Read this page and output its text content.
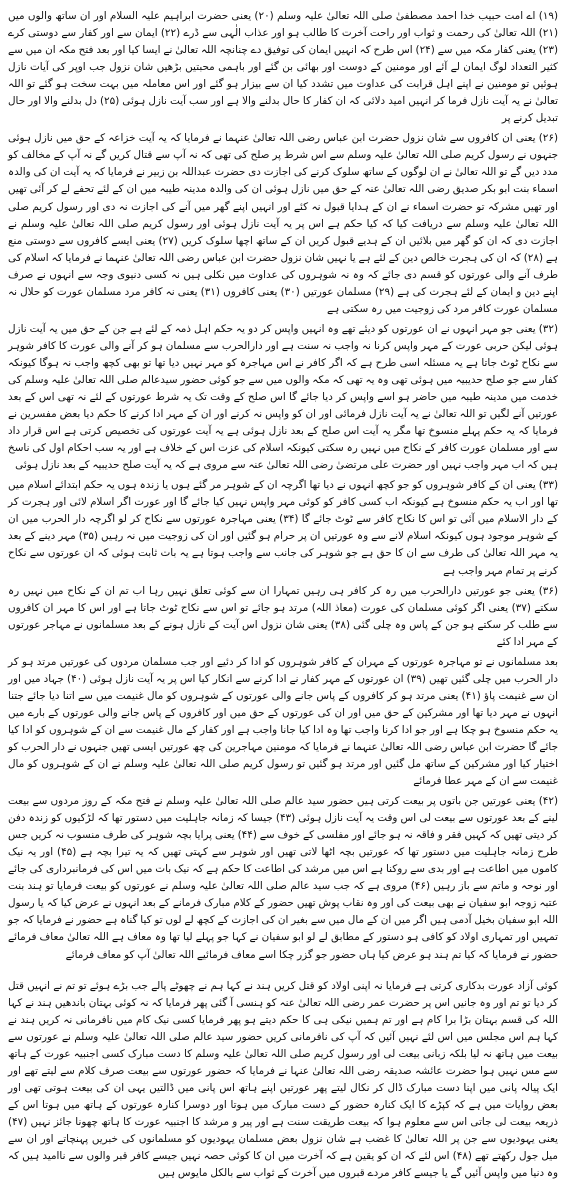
(۱۹) اے امت حبیب خدا احمد مصطفیٰ صلی اللہ تعالیٰ علیہ وسلم (۲۰) یعنی حضرت ابراہیم علیہ السلام اور ان ساتھ والوں میں (۲۱) اللہ تعالیٰ کی رحمت و ثواب اور راحت آخرت کا طالب ہو اور عذاب الٰہی سے ڈرے (۲۲) ایمان سے اور کفار سے دوستی کرے (۲۳) یعنی کفار مکہ میں سے (۲۴) اس طرح کہ انہیں ایمان کی توفیق دے چنانچہ اللہ تعالیٰ نے ایسا کیا اور بعد فتح مکہ ان میں سے کثیر التعداد لوگ ایمان لے آئے اور مومنین کے دوست اور بھائی بن گئے اور باہمی محبتیں بڑھیں شان نزول جب اوپر کی آیات نازل ہوئیں تو مومنین نے اپنے اہل قرابت کی عداوت میں تشدد کیا ان سے بیزار ہو گئے اور اس معاملہ میں بہت سخت ہو گئے تو اللہ تعالیٰ نے یہ آیت نازل فرما کر انہیں امید دلائی کہ ان کفار کا حال بدلنے والا ہے اور سب آیت نازل ہوئی (۲۵) دل بدلنے والا اور حال تبدیل کرنے پر

(۲۶) یعنی ان کافروں سے شان نزول حضرت ابن عباس رضی اللہ تعالیٰ عنہما نے فرمایا کہ یہ آیت خزاعہ کے حق میں نازل ہوئی جنہوں نے رسول کریم صلی اللہ تعالیٰ علیہ وسلم سے اس شرط پر صلح کی تھی کہ نہ آپ سے قتال کریں گے نہ آپ کے مخالف کو مدد دیں گے تو اللہ تعالیٰ نے ان لوگوں کے ساتھ سلوک کرنے کی اجازت دی حضرت عبداللہ بن زبیر نے فرمایا کہ یہ آیت ان کی والدہ اسماء بنت ابو بکر صدیق رضی اللہ تعالیٰ عنہ کے حق میں نازل ہوئی ان کی والدہ مدینہ طیبہ میں ان کے لئے تحفے لے کر آئی تھیں اور تھیں مشرکہ تو حضرت اسماء نے ان کے ہدایا قبول نہ کئے اور انہیں اپنے گھر میں آنے کی اجازت نہ دی اور رسول کریم صلی اللہ تعالیٰ علیہ وسلم سے دریافت کیا کہ کیا حکم ہے اس پر یہ آیت نازل ہوئی اور رسول کریم صلی اللہ تعالیٰ علیہ وسلم نے اجازت دی کہ ان کو گھر میں بلائیں ان کے ہدیے قبول کریں ان کے ساتھ اچھا سلوک کریں (۲۷) یعنی ایسے کافروں سے دوستی منع ہے (۲۸) کہ ان کی ہجرت خالص دین کے لئے ہے یا نہیں شان نزول حضرت ابن عباس رضی اللہ تعالیٰ عنہما نے فرمایا کہ اسلام کی طرف آنے والی عورتوں کو قسم دی جائے کہ وہ نہ شوہروں کی عداوت میں نکلی ہیں نہ کسی دنیوی وجہ سے انہوں نے صرف اپنے دین و ایمان کے لئے ہجرت کی ہے (۲۹) مسلمان عورتیں (۳۰) یعنی کافروں (۳۱) یعنی نہ کافر مرد مسلمان عورت کو حلال نہ مسلمان عورت کافر مرد کی زوجیت میں رہ سکتی ہے

(۳۲) یعنی جو مہر انہوں نے ان عورتوں کو دیئے تھے وہ انہیں واپس کر دو یہ حکم اہل ذمہ کے لئے ہے جن کے حق میں یہ آیت نازل ہوئی لیکن حربی عورت کے مہر واپس کرنا نہ واجب نہ سنت ہے اور دارالحرب سے مسلمان ہو کر آنے والی عورت کا کافر شوہر سے نکاح ٹوٹ جاتا ہے یہ مسئلہ اسی طرح ہے کہ اگر کافر نے اس مہاجرہ کو مہر نہیں دیا تھا تو بھی کچھ واجب نہ ہوگا کیونکہ کفار سے جو صلح حدیبیہ میں ہوئی تھی وہ یہ تھی کہ مکہ والوں میں سے جو کوئی حضور سیدعالم صلی اللہ تعالیٰ علیہ وسلم کی خدمت میں مدینہ طیبہ میں حاضر ہو اسے واپس کر دیا جائے گا اس صلح کے وقت تک یہ شرط عورتوں کے لئے نہ تھی اس کے بعد عورتیں آنے لگیں تو اللہ تعالیٰ نے یہ آیت نازل فرمائی اور ان کو واپس نہ کرنے اور ان کے مہر ادا کرنے کا حکم دیا بعض مفسرین نے فرمایا کہ یہ حکم پہلے منسوخ تھا مگر یہ آیت اس صلح کے بعد نازل ہوئی ہے یہ آیت عورتوں کی تخصیص کرتی ہے اس قرار داد سے اور مسلمان عورت کافر کے نکاح میں نہیں رہ سکتی کیونکہ اسلام کی عزت اس کے خلاف ہے اور یہ سب احکام اول کی ناسخ ہیں کہ اب مہر واجب نہیں اور حضرت علی مرتضیٰ رضی اللہ تعالیٰ عنہ سے مروی ہے کہ یہ آیت صلح حدیبیہ کے بعد نازل ہوئی

(۳۳) یعنی ان کے کافر شوہروں کو جو کچھ انہوں نے دیا تھا اگرچہ ان کے شوہر مر گئے ہوں یا زندہ ہوں یہ حکم ابتدائے اسلام میں تھا اور اب یہ حکم منسوخ ہے کیونکہ اب کسی کافر کو کوئی مہر واپس نہیں کیا جائے گا اور عورت اگر اسلام لائی اور ہجرت کر کے دار الاسلام میں آئی تو اس کا نکاح کافر سے ٹوٹ جائے گا (۳۴) یعنی مہاجرہ عورتوں سے نکاح کر لو اگرچہ دار الحرب میں ان کے شوہر موجود ہوں کیونکہ اسلام لانے سے وہ عورتیں ان پر حرام ہو گئیں اور ان کی زوجیت میں نہ رہیں (۳۵) مہر دینے کے بعد یہ مہر اللہ تعالیٰ کی طرف سے ان کا حق ہے جو شوہر کی جانب سے واجب ہوتا ہے یہ بات ثابت ہوئی کہ ان عورتوں سے نکاح کرنے پر تمام مہر واجب ہے

(۳۶) یعنی جو عورتیں دارالحرب میں رہ کر کافر ہی رہیں تمہارا ان سے کوئی تعلق نہیں رہا اب تم ان کے نکاح میں نہیں رہ سکتے (۳۷) یعنی اگر کوئی مسلمان کی عورت (معاذ اللہ) مرتد ہو جائے تو اس سے نکاح ٹوٹ جاتا ہے اور اس کا مہر ان کافروں سے طلب کر سکتے ہو جن کے پاس وہ چلی گئی (۳۸) یعنی شان نزول اس آیت کے نازل ہونے کے بعد مسلمانوں نے مہاجر عورتوں کے مہر ادا کئے

بعد مسلمانوں نے تو مہاجرہ عورتوں کے مہران کے کافر شوہروں کو ادا کر دئیے اور جب مسلمان مردوں کی عورتیں مرتد ہو کر دار الحرب میں چلی گئیں تھیں (۳۹) ان عورتوں کے مہر کفار نے ادا کرنے سے انکار کیا اس پر یہ آیت نازل ہوئی (۴۰) جہاد میں اور ان سے غنیمت پاؤ (۴۱) یعنی مرتد ہو کر کافروں کے پاس جانے والی عورتوں کے شوہروں کو مال غنیمت میں سے اتنا دیا جائے جتنا انہوں نے مہر دیا تھا اور مشرکین کے حق میں اور ان کی عورتوں کے حق میں اور کافروں کے پاس جانے والی عورتوں کے بارے میں یہ حکم منسوخ ہو چکا ہے اور جو ادا کرنا واجب تھا وہ ادا کیا جانا واجب ہے اور کفار کے مال غنیمت سے ان کے شوہروں کو ادا کیا جائے گا حضرت ابن عباس رضی اللہ تعالیٰ عنہما نے فرمایا کہ مومنین مہاجرین کی چھ عورتیں ایسی تھیں جنہوں نے دار الحرب کو اختیار کیا اور مشرکین کے ساتھ مل گئیں اور مرتد ہو گئیں تو رسول کریم صلی اللہ تعالیٰ علیہ وسلم نے ان کے شوہروں کو مال غنیمت سے ان کے مہر عطا فرمائے

(۴۲) یعنی عورتیں جن باتوں پر بیعت کرتی ہیں حضور سید عالم صلی اللہ تعالیٰ علیہ وسلم نے فتح مکہ کے روز مردوں سے بیعت لینے کے بعد عورتوں سے بیعت لی اس وقت یہ آیت نازل ہوئی (۴۳) جیسا کہ زمانہ جاہلیت میں دستور تھا کہ لڑکیوں کو زندہ دفن کر دیتی تھیں کہ کہیں فقر و فاقہ نہ ہو جائے اور مفلسی کے خوف سے (۴۴) یعنی پرایا بچہ شوہر کی طرف منسوب نہ کریں جس طرح زمانہ جاہلیت میں دستور تھا کہ عورتیں بچہ اٹھا لاتی تھیں اور شوہر سے کہتی تھیں کہ یہ تیرا بچہ ہے (۴۵) اور یہ نیک کاموں میں اطاعت ہے اور بدی سے روکنا ہے اس میں مرشد کی اطاعت کا حکم ہے کہ نیک بات میں اس کی فرمانبرداری کی جائے اور نوحہ و ماتم سے باز رہیں (۴۶) مروی ہے کہ جب سید عالم صلی اللہ تعالیٰ علیہ وسلم نے عورتوں کو بیعت فرمایا تو ہند بنت عتبہ زوجہ ابو سفیان نے بھی بیعت کی اور وہ نقاب پوش تھیں حضور کے کلام مبارک فرمانے کے بعد انہوں نے عرض کیا کہ یا رسول اللہ ابو سفیان بخیل آدمی ہیں اگر میں ان کے مال میں سے بغیر ان کی اجازت کے کچھ لے لوں تو کیا گناہ ہے حضور نے فرمایا کہ جو تمہیں اور تمہاری اولاد کو کافی ہو دستور کے مطابق لے لو ابو سفیان نے کہا جو پہلے لیا تھا وہ معاف ہے اللہ تعالیٰ معاف فرمائے حضور نے فرمایا کہ کیا تم ہند ہو عرض کیا ہاں حضور جو گزر چکا اسے معاف فرمائیے اللہ تعالیٰ آپ کو معاف فرمائے

کوئی آزاد عورت بدکاری کرتی ہے فرمایا نہ اپنی اولاد کو قتل کریں ہند نے کہا ہم نے چھوٹے پالے جب بڑے ہوئے تو تم نے انہیں قتل کر دیا تو تم اور وہ جانیں اس پر حضرت عمر رضی اللہ تعالیٰ عنہ کو ہنسی آ گئی پھر فرمایا کہ نہ کوئی بہتان باندھیں ہند نے کہا اللہ کی قسم بہتان بڑا برا کام ہے اور تم ہمیں نیکی ہی کا حکم دیتے ہو پھر فرمایا کسی نیک کام میں نافرمانی نہ کریں ہند نے کہا ہم اس مجلس میں اس لئے نہیں آئیں کہ آپ کی نافرمانی کریں حضور سید عالم صلی اللہ تعالیٰ علیہ وسلم نے عورتوں سے بیعت میں ہاتھ نہ لیا بلکہ زبانی بیعت لی اور رسول کریم صلی اللہ تعالیٰ علیہ وسلم کا دست مبارک کسی اجنبیہ عورت کے ہاتھ سے مس نہیں ہوا حضرت عائشہ صدیقہ رضی اللہ تعالیٰ عنہا نے فرمایا کہ حضور عورتوں سے بیعت صرف کلام سے لیتے تھے اور ایک پیالہ پانی میں اپنا دست مبارک ڈال کر نکال لیتے پھر عورتیں اپنے ہاتھ اس پانی میں ڈالتیں یہی ان کی بیعت ہوتی تھی اور بعض روایات میں ہے کہ کپڑے کا ایک کنارہ حضور کے دست مبارک میں ہوتا اور دوسرا کنارہ عورتوں کے ہاتھ میں ہوتا اس کے ذریعہ بیعت لی جاتی اس سے معلوم ہوا کہ بیعت طریقت سنت ہے اور پیر و مرشد کا اجنبیہ عورت کا ہاتھ چھونا جائز نہیں (۴۷) یعنی یہودیوں سے جن پر اللہ تعالیٰ کا غضب ہے شان نزول بعض مسلمان یہودیوں کو مسلمانوں کی خبریں پہنچاتے اور ان سے میل جول رکھتے تھے (۴۸) اس لئے کہ ان کو یقین ہے کہ آخرت میں ان کا کوئی حصہ نہیں جیسے کافر قبر والوں سے ناامید ہیں کہ وہ دنیا میں واپس آئیں گے یا جیسے کافر مردے قبروں میں آخرت کے ثواب سے بالکل مایوس ہیں
